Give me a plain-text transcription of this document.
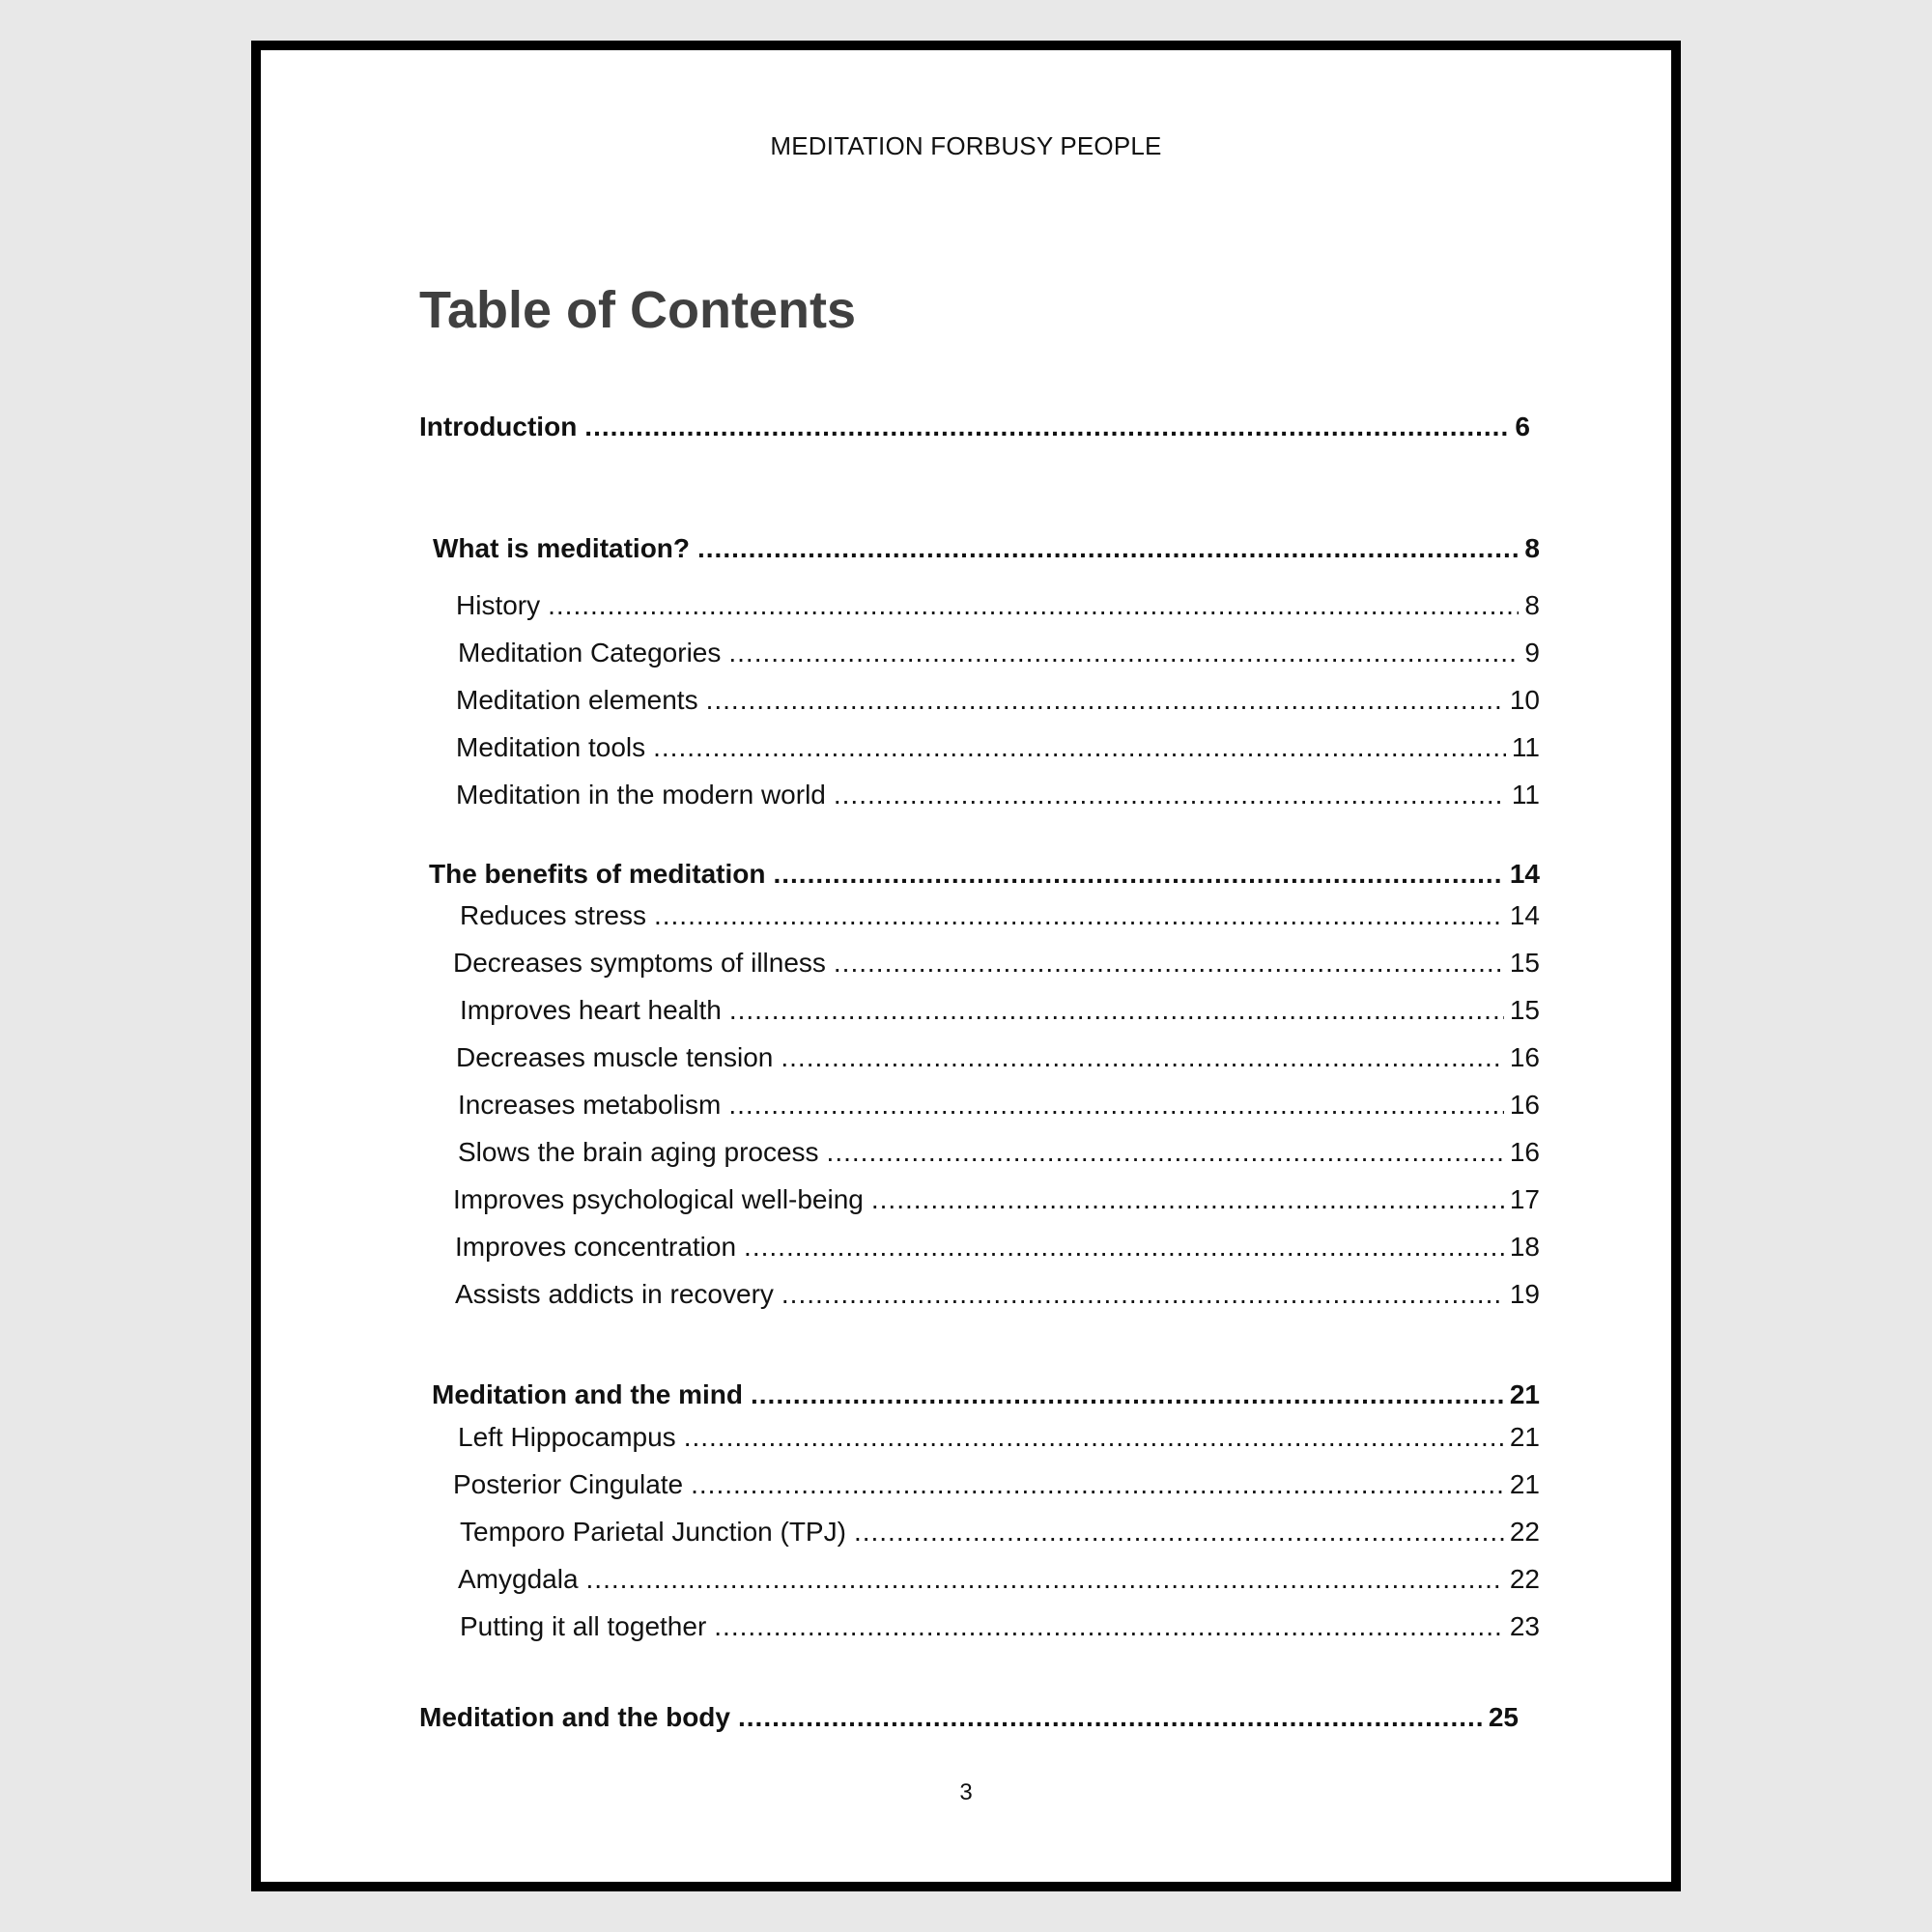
MEDITATION FORBUSY PEOPLE
Table of Contents
Introduction .....	6
What is meditation? .....	8
History .....	8
Meditation Categories .....	9
Meditation elements .....	10
Meditation tools .....	11
Meditation in the modern world .....	11
The benefits of meditation .....	14
Reduces stress .....	14
Decreases symptoms of illness .....	15
Improves heart health .....	15
Decreases muscle tension .....	16
Increases metabolism .....	16
Slows the brain aging process .....	16
Improves psychological well-being .....	17
Improves concentration .....	18
Assists addicts in recovery .....	19
Meditation and the mind .....	21
Left Hippocampus .....	21
Posterior Cingulate .....	21
Temporo Parietal Junction (TPJ) .....	22
Amygdala .....	22
Putting it all together .....	23
Meditation and the body .....	25
3
